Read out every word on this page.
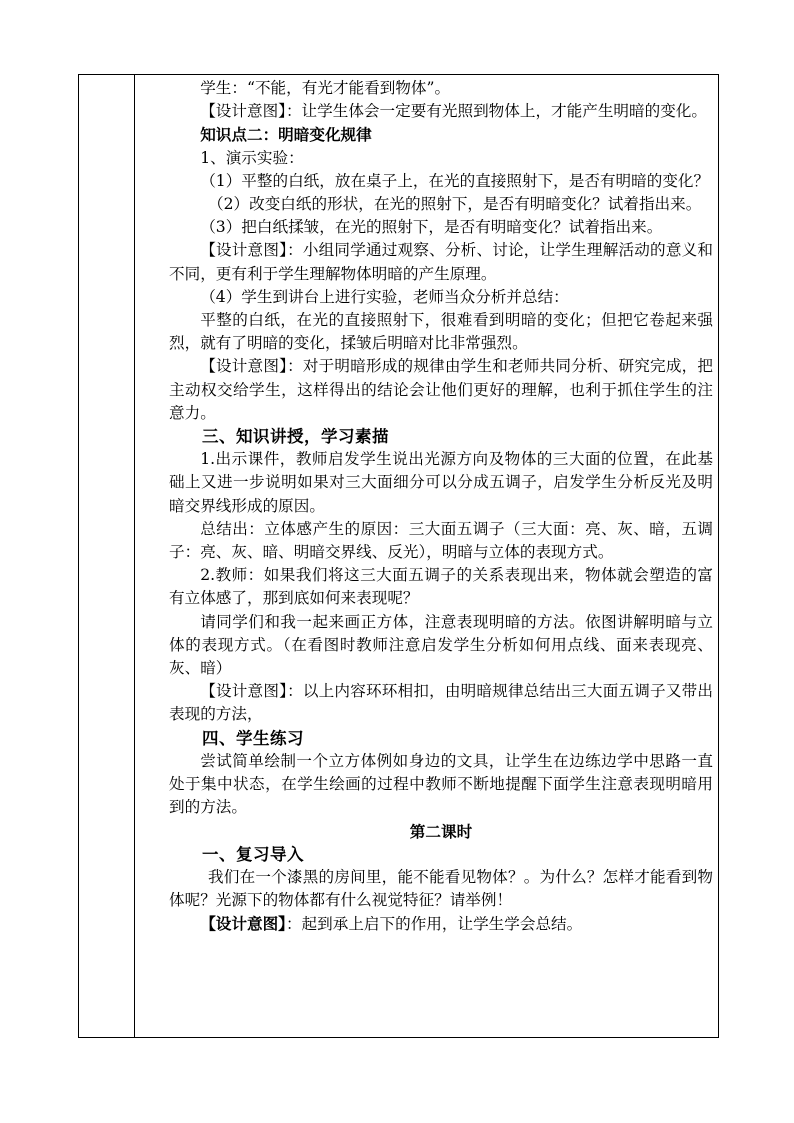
学生：“不能，有光才能看到物体”。

【设计意图】：让学生体会一定要有光照到物体上，才能产生明暗的变化。

知识点二：明暗变化规律

1、演示实验：

（1）平整的白纸，放在桌子上，在光的直接照射下，是否有明暗的变化？

（2）改变白纸的形状，在光的照射下，是否有明暗变化？试着指出来。

（3）把白纸揉皱，在光的照射下，是否有明暗变化？试着指出来。

【设计意图】：小组同学通过观察、分析、讨论，让学生理解活动的意义和不同，更有利于学生理解物体明暗的产生原理。

（4）学生到讲台上进行实验，老师当众分析并总结：

平整的白纸，在光的直接照射下，很难看到明暗的变化；但把它卷起来强烈，就有了明暗的变化，揉皱后明暗对比非常强烈。

【设计意图】：对于明暗形成的规律由学生和老师共同分析、研究完成，把主动权交给学生，这样得出的结论会让他们更好的理解，也利于抓住学生的注意力。

三、知识讲授，学习素描

1.出示课件，教师启发学生说出光源方向及物体的三大面的位置，在此基础上又进一步说明如果对三大面细分可以分成五调子，启发学生分析反光及明暗交界线形成的原因。

总结出：立体感产生的原因：三大面五调子（三大面：亮、灰、暗，五调子：亮、灰、暗、明暗交界线、反光），明暗与立体的表现方式。

2.教师：如果我们将这三大面五调子的关系表现出来，物体就会塑造的富有立体感了，那到底如何来表现呢？

请同学们和我一起来画正方体，注意表现明暗的方法。依图讲解明暗与立体的表现方式。（在看图时教师注意启发学生分析如何用点线、面来表现亮、灰、暗）

【设计意图】：以上内容环环相扣，由明暗规律总结出三大面五调子又带出表现的方法，

四、学生练习

尝试简单绘制一个立方体例如身边的文具，让学生在边练边学中思路一直处于集中状态，在学生绘画的过程中教师不断地提醒下面学生注意表现明暗用到的方法。

第二课时

一、复习导入

我们在一个漆黑的房间里，能不能看见物体？。为什么？怎样才能看到物体呢？光源下的物体都有什么视觉特征？请举例！

【设计意图】：起到承上启下的作用，让学生学会总结。
